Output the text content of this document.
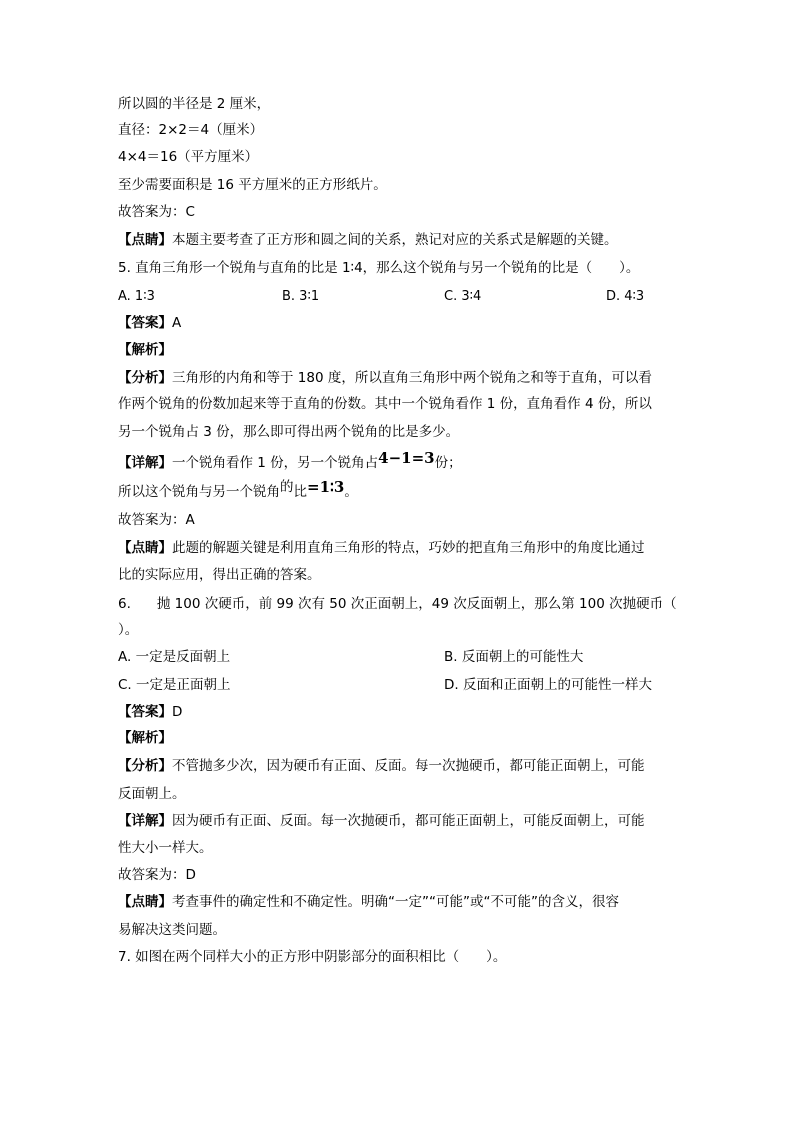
所以圆的半径是 2 厘米，
直径：2×2＝4（厘米）
4×4＝16（平方厘米）
至少需要面积是 16 平方厘米的正方形纸片。
故答案为：C
【点睛】本题主要考查了正方形和圆之间的关系，熟记对应的关系式是解题的关键。
5. 直角三角形一个锐角与直角的比是 1∶4，那么这个锐角与另一个锐角的比是（　　）。
A. 1∶3	B. 3∶1	C. 3∶4	D. 4∶3
【答案】A
【解析】
【分析】三角形的内角和等于 180 度，所以直角三角形中两个锐角之和等于直角，可以看
作两个锐角的份数加起来等于直角的份数。其中一个锐角看作 1 份，直角看作 4 份，所以
另一个锐角占 3 份，那么即可得出两个锐角的比是多少。
【详解】一个锐角看作 1 份，另一个锐角占4−1=3份；
所以这个锐角与另一个锐角的比=1∶3。
故答案为：A
【点睛】此题的解题关键是利用直角三角形的特点，巧妙的把直角三角形中的角度比通过
比的实际应用，得出正确的答案。
6. 抛 100 次硬币，前 99 次有 50 次正面朝上，49 次反面朝上，那么第 100 次抛硬币（
）。
A. 一定是反面朝上	B. 反面朝上的可能性大
C. 一定是正面朝上	D. 反面和正面朝上的可能性一样大
【答案】D
【解析】
【分析】不管抛多少次，因为硬币有正面、反面。每一次抛硬币，都可能正面朝上，可能
反面朝上。
【详解】因为硬币有正面、反面。每一次抛硬币，都可能正面朝上，可能反面朝上，可能
性大小一样大。
故答案为：D
【点睛】考查事件的确定性和不确定性。明确“一定”“可能”或“不可能”的含义，很容
易解决这类问题。
7. 如图在两个同样大小的正方形中阴影部分的面积相比（　　）。
